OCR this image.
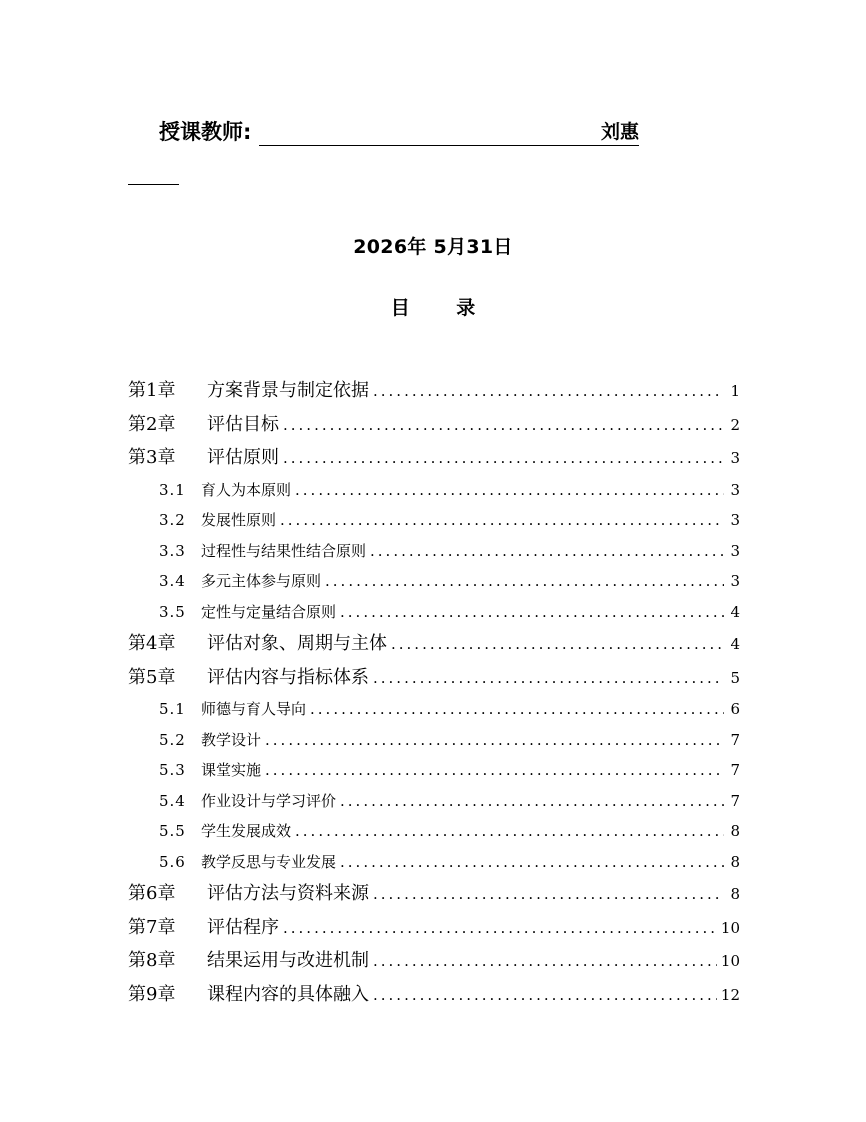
授课教师:	刘惠
2026年 5月31日
目 录
第1章	方案背景与制定依据 .....	1
第2章	评估目标 .....	2
第3章	评估原则 .....	3
3.1	育人为本原则 .....	3
3.2	发展性原则 .....	3
3.3	过程性与结果性结合原则 .....	3
3.4	多元主体参与原则 .....	3
3.5	定性与定量结合原则 .....	4
第4章	评估对象、周期与主体 .....	4
第5章	评估内容与指标体系 .....	5
5.1	师德与育人导向 .....	6
5.2	教学设计 .....	7
5.3	课堂实施 .....	7
5.4	作业设计与学习评价 .....	7
5.5	学生发展成效 .....	8
5.6	教学反思与专业发展 .....	8
第6章	评估方法与资料来源 .....	8
第7章	评估程序 .....	10
第8章	结果运用与改进机制 .....	10
第9章	课程内容的具体融入 .....	12
